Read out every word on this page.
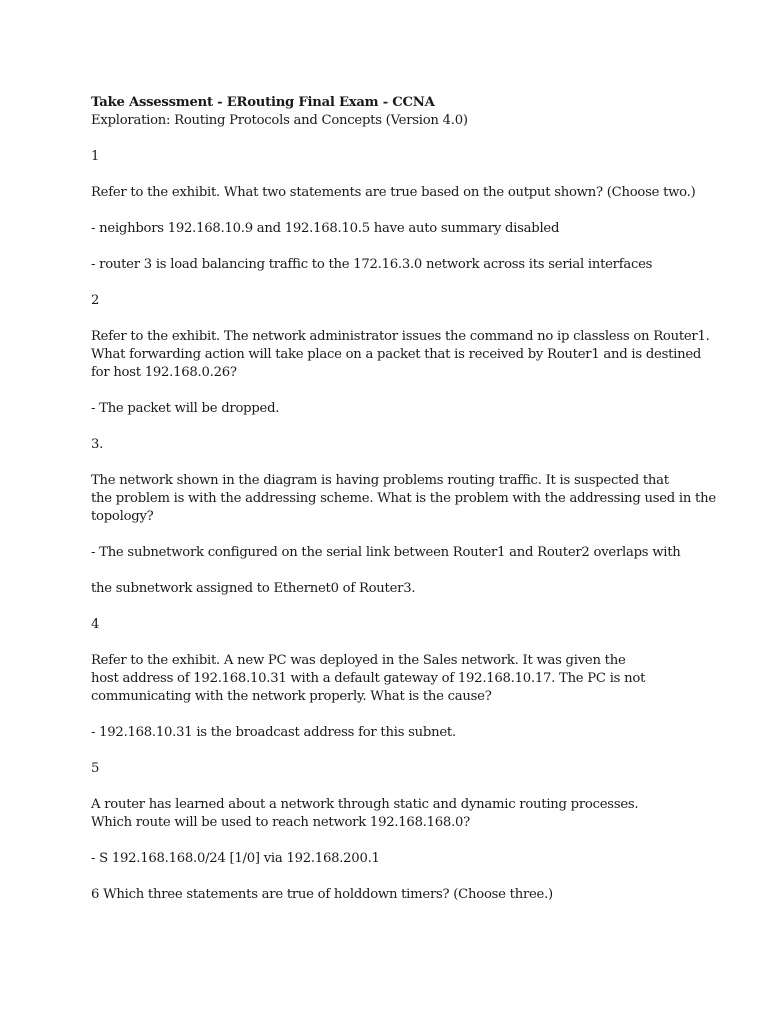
Take Assessment - ERouting Final Exam - CCNA
Exploration: Routing Protocols and Concepts (Version 4.0)
1
Refer to the exhibit. What two statements are true based on the output shown? (Choose two.)
- neighbors 192.168.10.9 and 192.168.10.5 have auto summary disabled
- router 3 is load balancing traffic to the 172.16.3.0 network across its serial interfaces
2
Refer to the exhibit. The network administrator issues the command no ip classless on Router1.
What forwarding action will take place on a packet that is received by Router1 and is destined
for host 192.168.0.26?
- The packet will be dropped.
3.
The network shown in the diagram is having problems routing traffic. It is suspected that
the problem is with the addressing scheme. What is the problem with the addressing used in the
topology?
- The subnetwork configured on the serial link between Router1 and Router2 overlaps with
the subnetwork assigned to Ethernet0 of Router3.
4
Refer to the exhibit. A new PC was deployed in the Sales network. It was given the
host address of 192.168.10.31 with a default gateway of 192.168.10.17. The PC is not
communicating with the network properly. What is the cause?
- 192.168.10.31 is the broadcast address for this subnet.
5
A router has learned about a network through static and dynamic routing processes.
Which route will be used to reach network 192.168.168.0?
- S 192.168.168.0/24 [1/0] via 192.168.200.1
6 Which three statements are true of holddown timers? (Choose three.)
